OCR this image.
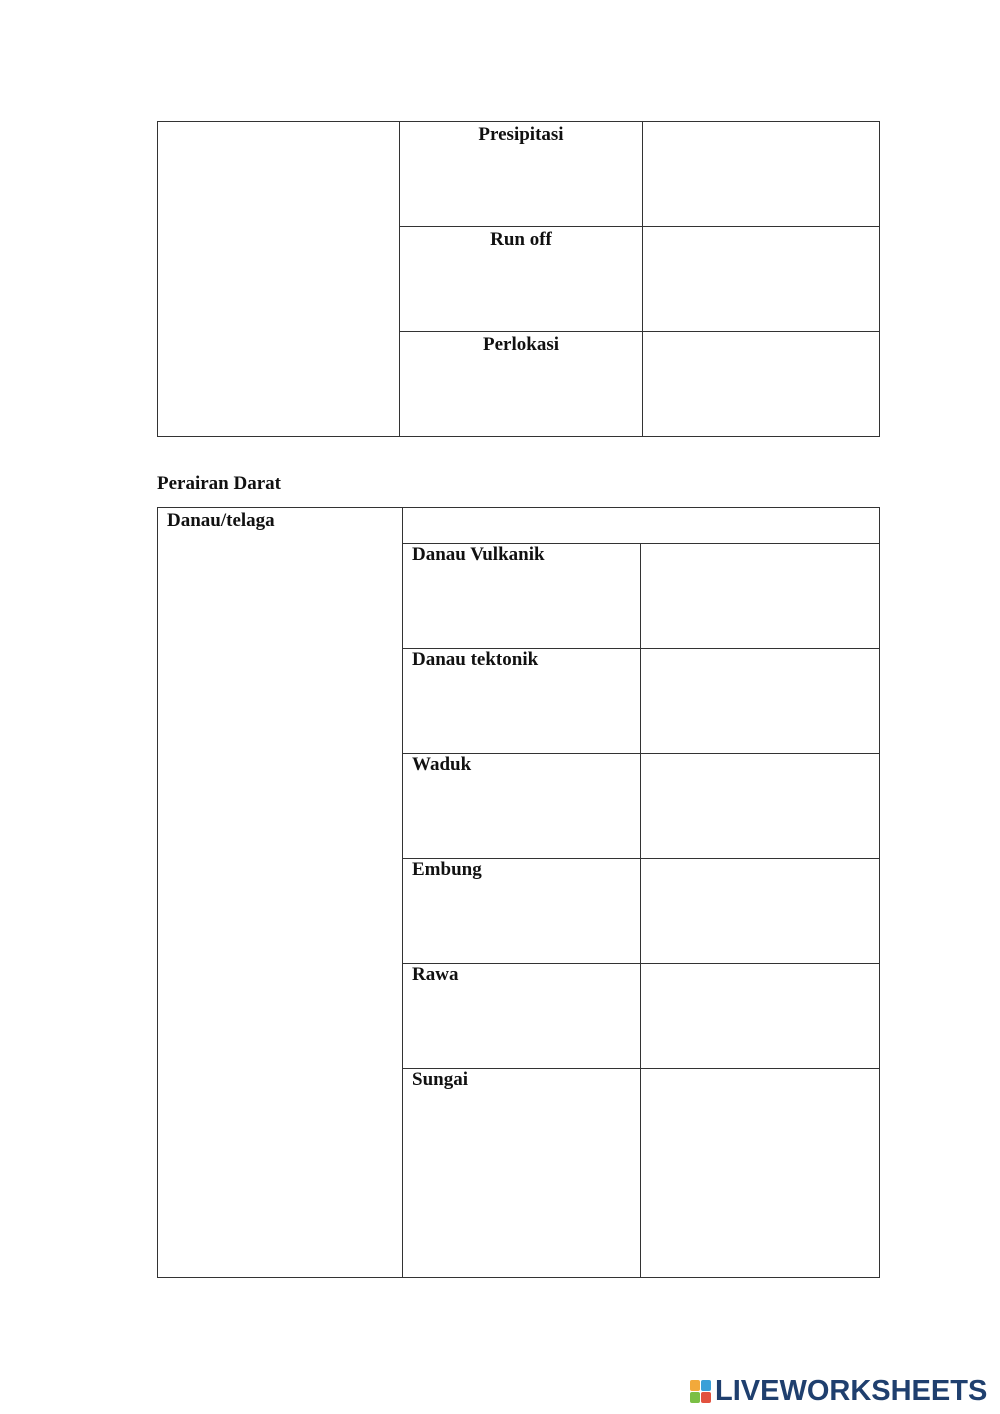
	Presipitasi	

	Run off	

	Perlokasi	

Perairan Darat
Danau/telaga		

	Danau Vulkanik	

	Danau tektonik	

	Waduk	

	Embung	

	Rawa	

	Sungai	

LIVEWORKSHEETS
